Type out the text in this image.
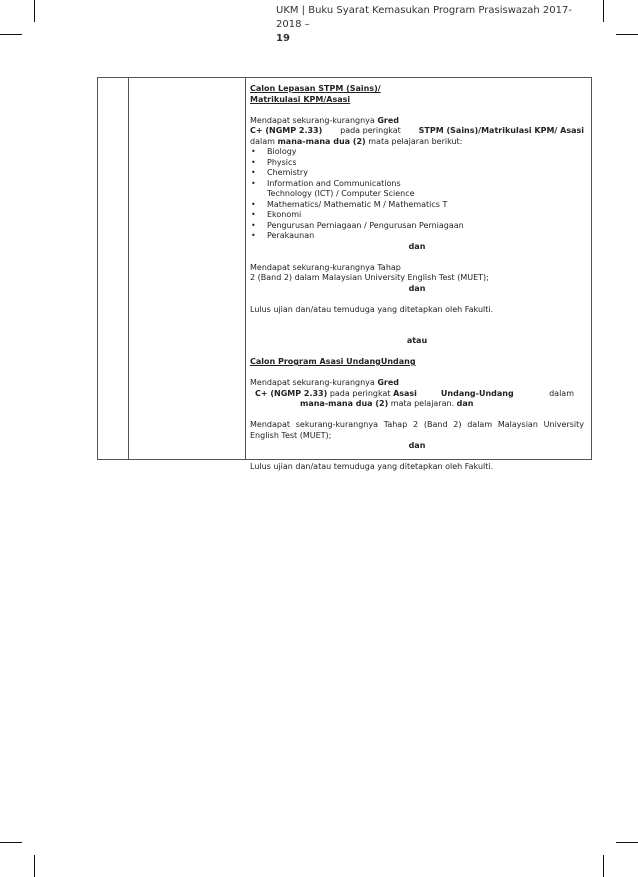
UKM | Buku Syarat Kemasukan Program Prasiswazah 2017-2018 –
19

Calon Lepasan STPM (Sains)/

Matrikulasi KPM/Asasi

Mendapat sekurang-kurangnya Gred

C+ (NGMP 2.33) pada peringkat STPM (Sains)/Matrikulasi KPM/ Asasi

dalam mana-mana dua (2) mata pelajaran berikut:

• Biology
• Physics
• Chemistry
• Information and Communications

Technology (ICT) / Computer Science

• Mathematics/ Mathematic M / Mathematics T
• Ekonomi
• Pengurusan Perniagaan / Pengurusan Perniagaan
• Perakaunan

dan

Mendapat sekurang-kurangnya Tahap

2 (Band 2) dalam Malaysian University English Test (MUET);

dan

Lulus ujian dan/atau temuduga yang ditetapkan oleh Fakulti.

atau

Calon Program Asasi UndangUndang

Mendapat sekurang-kurangnya Gred

C+ (NGMP 2.33) pada peringkat Asasi	Undang-Undang	dalam

mana-mana dua (2) mata pelajaran. dan

Mendapat sekurang-kurangnya Tahap 2 (Band 2) dalam Malaysian University English Test (MUET);

dan

Lulus ujian dan/atau temuduga yang ditetapkan oleh Fakulti.
